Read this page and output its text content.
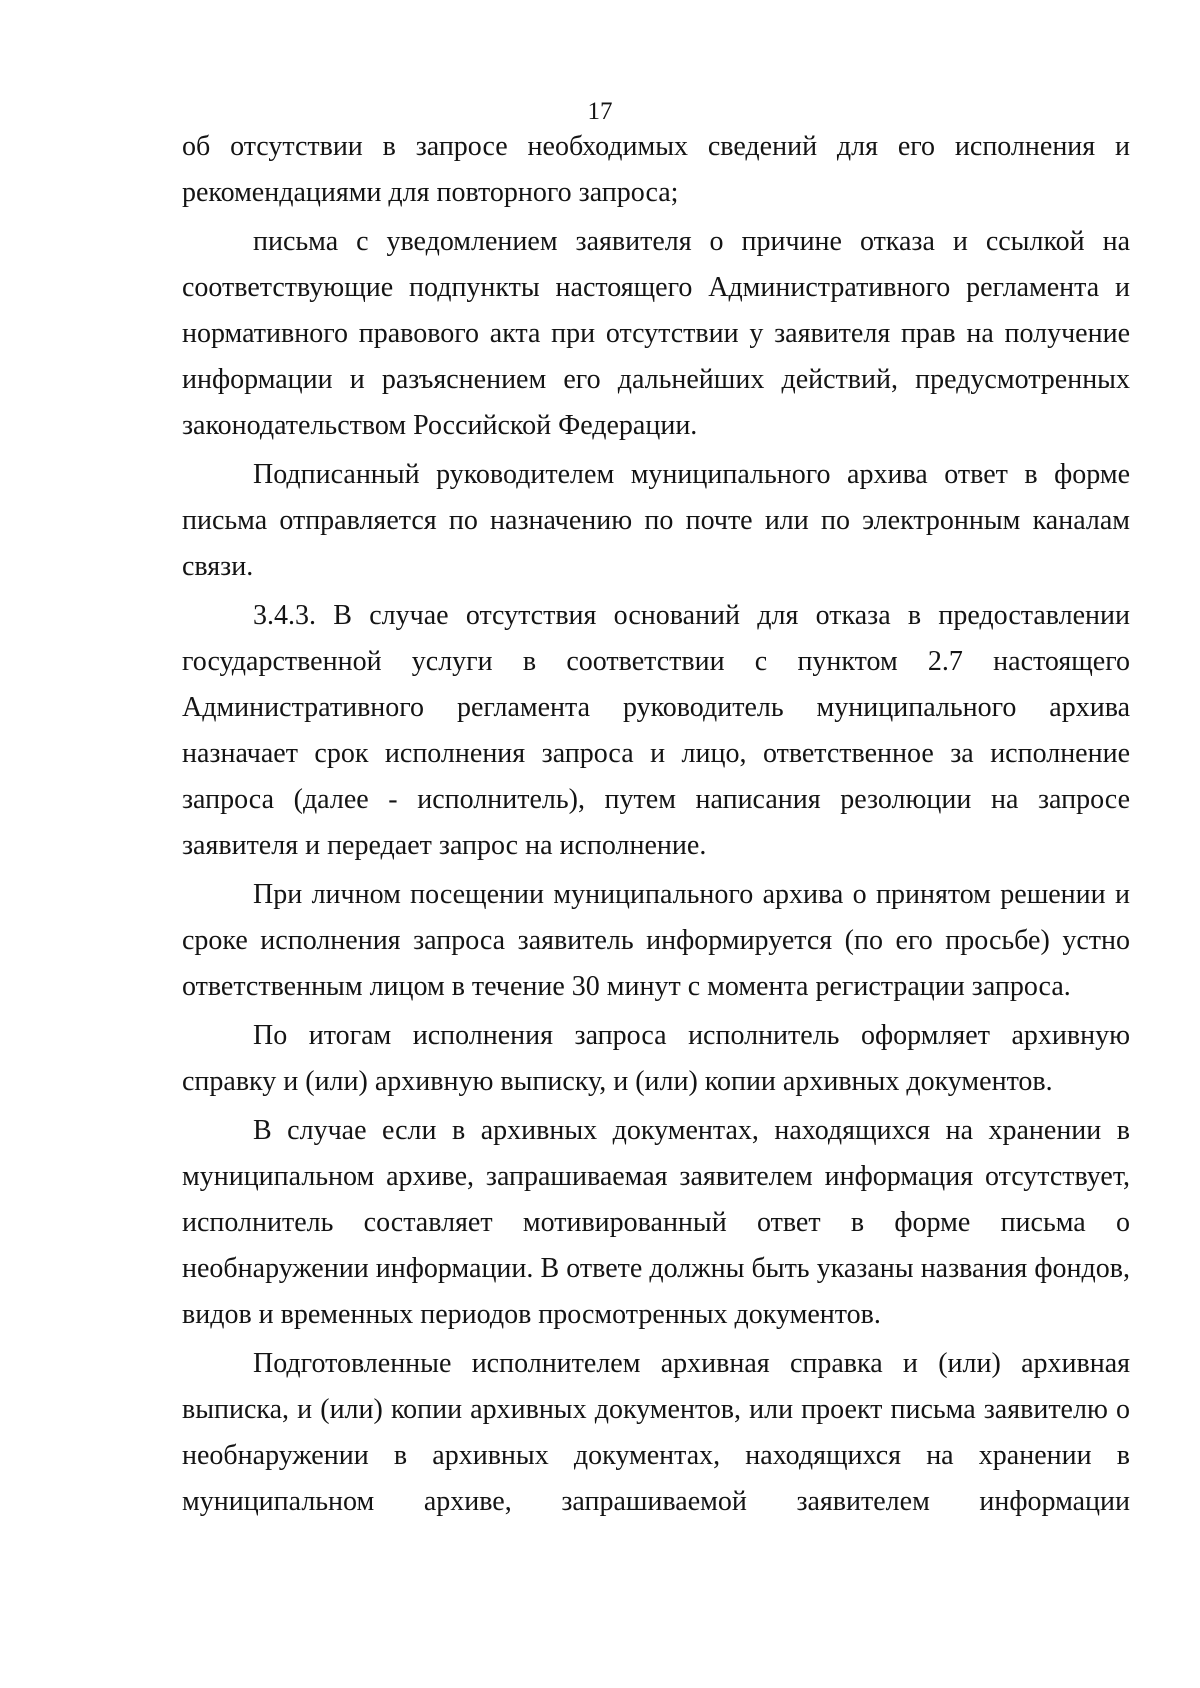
17

об отсутствии в запросе необходимых сведений для его исполнения и рекомендациями для повторного запроса;

письма с уведомлением заявителя о причине отказа и ссылкой на соответствующие подпункты настоящего Административного регламента и нормативного правового акта при отсутствии у заявителя прав на получение информации и разъяснением его дальнейших действий, предусмотренных законодательством Российской Федерации.

Подписанный руководителем муниципального архива ответ в форме письма отправляется по назначению по почте или по электронным каналам связи.

3.4.3. В случае отсутствия оснований для отказа в предоставлении государственной услуги в соответствии с пунктом 2.7 настоящего Административного регламента руководитель муниципального архива назначает срок исполнения запроса и лицо, ответственное за исполнение запроса (далее - исполнитель), путем написания резолюции на запросе заявителя и передает запрос на исполнение.

При личном посещении муниципального архива о принятом решении и сроке исполнения запроса заявитель информируется (по его просьбе) устно ответственным лицом в течение 30 минут с момента регистрации запроса.

По итогам исполнения запроса исполнитель оформляет архивную справку и (или) архивную выписку, и (или) копии архивных документов.

В случае если в архивных документах, находящихся на хранении в муниципальном архиве, запрашиваемая заявителем информация отсутствует, исполнитель составляет мотивированный ответ в форме письма о необнаружении информации. В ответе должны быть указаны названия фондов, видов и временных периодов просмотренных документов.

Подготовленные исполнителем архивная справка и (или) архивная выписка, и (или) копии архивных документов, или проект письма заявителю о необнаружении в архивных документах, находящихся на хранении в муниципальном архиве, запрашиваемой заявителем информации
